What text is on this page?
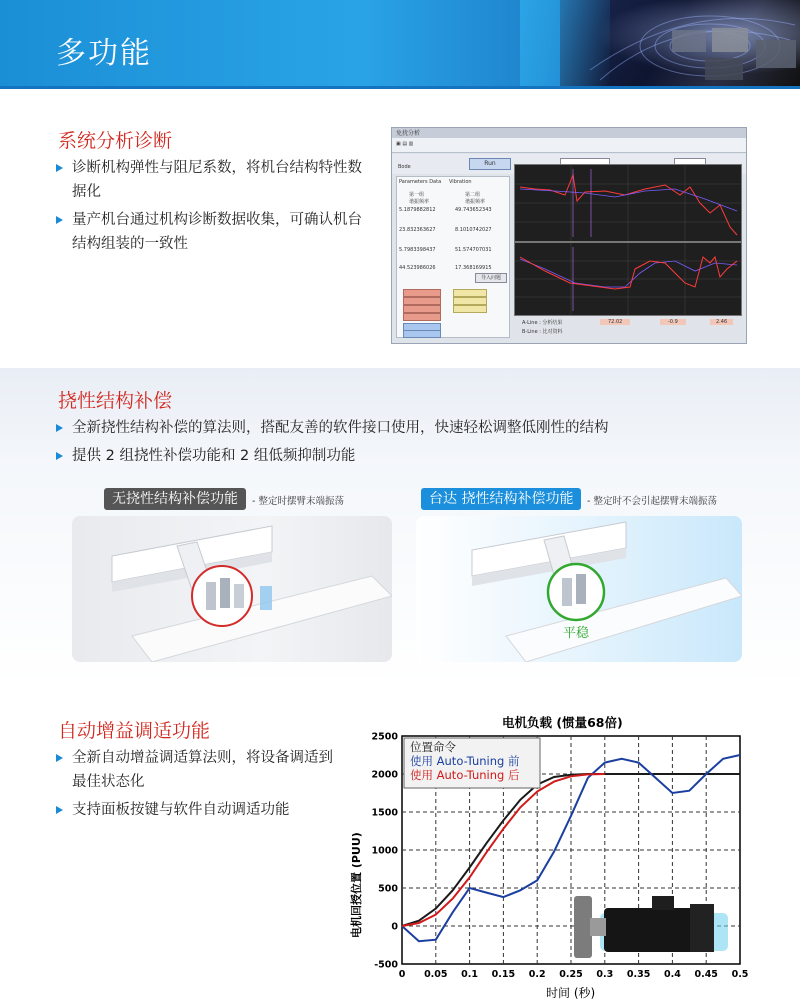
多功能
系统分析诊断
诊断机构弹性与阻尼系数，将机台结构特性数据化
量产机台通过机构诊断数据收集，可确认机台结构组装的一致性
免扰分析
▣ ▤ ▥
Run
Bode
Parameters Data Vibration
第一组	第二组
谐振频率	谐振频率
5.1879882812	49.743652343
23.832363627	8.1010742027
5.7983398437	51.574707031
44.523986026	17.368169915
导入问题
A-Line : 分析结果
B-Line : 比对资料
72.02	-0.9	2.46
挠性结构补偿
全新挠性结构补偿的算法则，搭配友善的软件接口使用，快速轻松调整低刚性的结构
提供 2 组挠性补偿功能和 2 组低频抑制功能
无挠性结构补偿功能	- 整定时摆臂末端振荡	台达 挠性结构补偿功能	- 整定时不会引起摆臂末端振荡
平稳
自动增益调适功能
全新自动增益调适算法则，将设备调适到最佳状态化
支持面板按键与软件自动调适功能
电机负载 (惯量68倍)
电机回授位置 (PUU)
时间 (秒)
0 0.05 0.1 0.15 0.2 0.25 0.3 0.35 0.4 0.45 0.5
-500
0
500
1000
1500
2000
2500
位置命令
使用 Auto-Tuning 前
使用 Auto-Tuning 后
